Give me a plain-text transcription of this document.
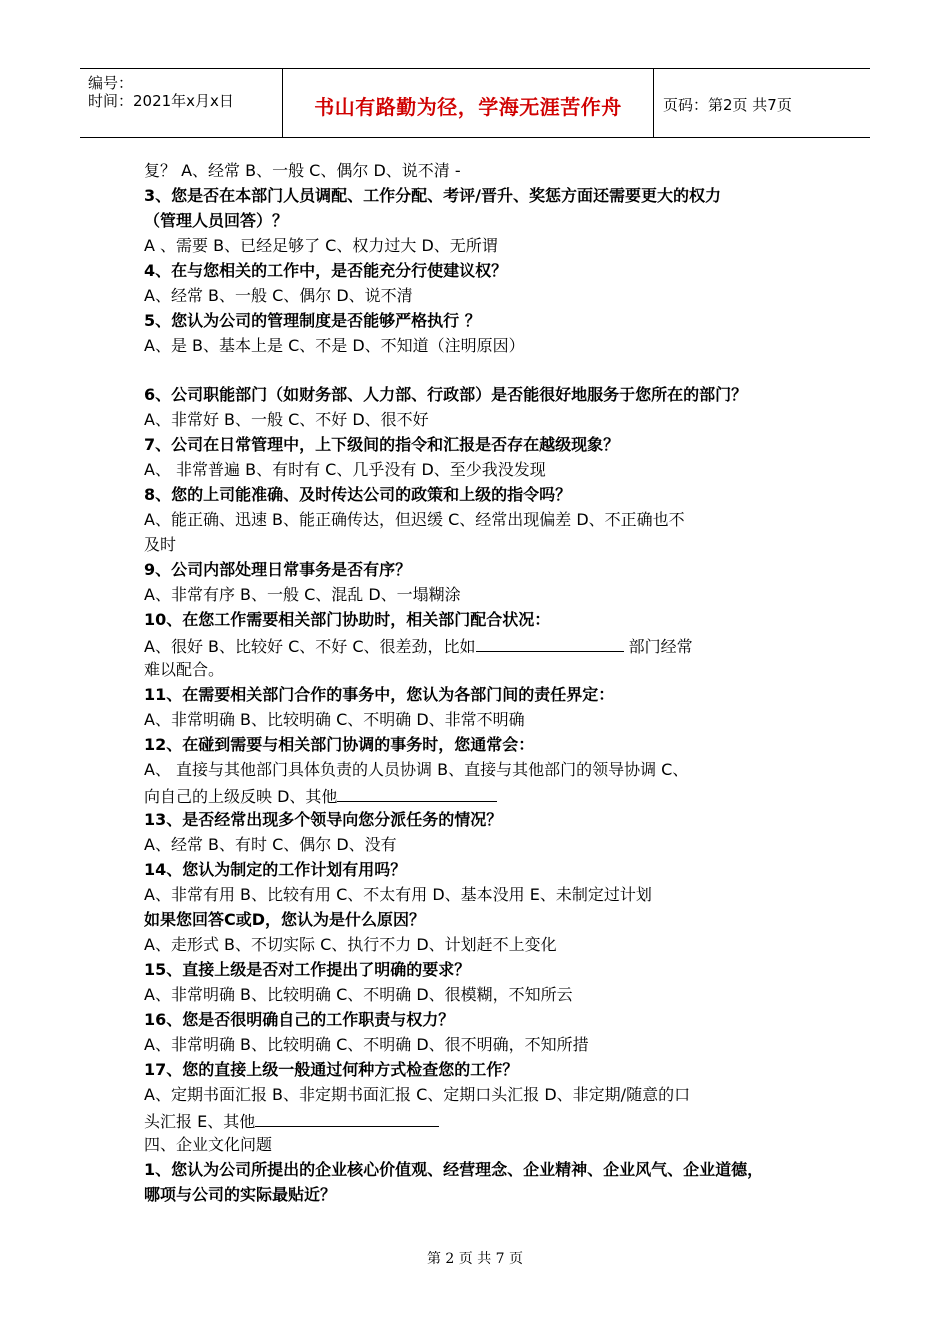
编号：
时间：2021年x月x日	书山有路勤为径，学海无涯苦作舟	页码：第2页 共7页
复？ A、经常 B、一般 C、偶尔 D、说不清 -
3、您是否在本部门人员调配、工作分配、考评/晋升、奖惩方面还需要更大的权力
（管理人员回答）？
A 、需要 B、已经足够了 C、权力过大 D、无所谓
4、在与您相关的工作中，是否能充分行使建议权？
A、经常 B、一般 C、偶尔 D、说不清
5、您认为公司的管理制度是否能够严格执行 ？
A、是 B、基本上是 C、不是 D、不知道（注明原因）
6、公司职能部门（如财务部、人力部、行政部）是否能很好地服务于您所在的部门？
A、非常好 B、一般 C、不好 D、很不好
7、公司在日常管理中，上下级间的指令和汇报是否存在越级现象？
A、 非常普遍 B、有时有 C、几乎没有 D、至少我没发现
8、您的上司能准确、及时传达公司的政策和上级的指令吗？
A、能正确、迅速 B、能正确传达，但迟缓 C、经常出现偏差 D、不正确也不
及时
9、公司内部处理日常事务是否有序？
A、非常有序 B、一般 C、混乱 D、一塌糊涂
10、在您工作需要相关部门协助时，相关部门配合状况：
A、很好 B、比较好 C、不好 C、很差劲，比如	部门经常
难以配合。
11、在需要相关部门合作的事务中，您认为各部门间的责任界定：
A、非常明确 B、比较明确 C、不明确 D、非常不明确
12、在碰到需要与相关部门协调的事务时，您通常会：
A、 直接与其他部门具体负责的人员协调 B、直接与其他部门的领导协调 C、
向自己的上级反映 D、其他
13、是否经常出现多个领导向您分派任务的情况？
A、经常 B、有时 C、偶尔 D、没有
14、您认为制定的工作计划有用吗？
A、非常有用 B、比较有用 C、不太有用 D、基本没用 E、未制定过计划
如果您回答C或D，您认为是什么原因？
A、走形式 B、不切实际 C、执行不力 D、计划赶不上变化
15、直接上级是否对工作提出了明确的要求？
A、非常明确 B、比较明确 C、不明确 D、很模糊，不知所云
16、您是否很明确自己的工作职责与权力？
A、非常明确 B、比较明确 C、不明确 D、很不明确，不知所措
17、您的直接上级一般通过何种方式检查您的工作？
A、定期书面汇报 B、非定期书面汇报 C、定期口头汇报 D、非定期/随意的口
头汇报 E、其他
四、企业文化问题
1、您认为公司所提出的企业核心价值观、经营理念、企业精神、企业风气、企业道德，
哪项与公司的实际最贴近？
第 2 页 共 7 页
